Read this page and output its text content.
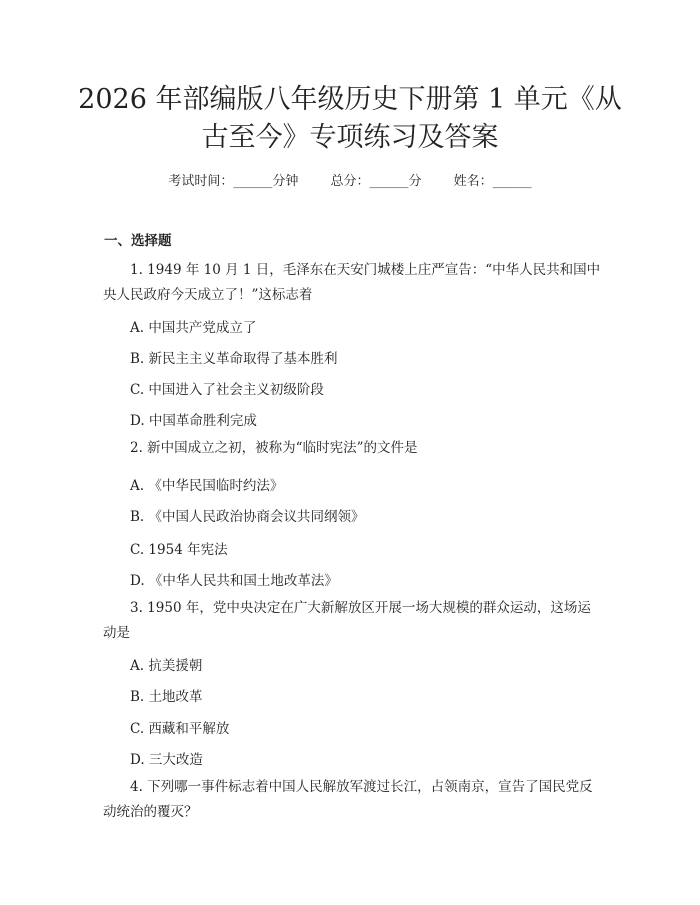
2026 年部编版八年级历史下册第 1 单元《从
古至今》专项练习及答案
考试时间：______分钟 总分：______分 姓名：______
一、选择题
1. 1949 年 10 月 1 日，毛泽东在天安门城楼上庄严宣告：“中华人民共和国中央人民政府今天成立了！”这标志着
A. 中国共产党成立了
B. 新民主主义革命取得了基本胜利
C. 中国进入了社会主义初级阶段
D. 中国革命胜利完成
2. 新中国成立之初，被称为“临时宪法”的文件是
A. 《中华民国临时约法》
B. 《中国人民政治协商会议共同纲领》
C. 1954 年宪法
D. 《中华人民共和国土地改革法》
3. 1950 年，党中央决定在广大新解放区开展一场大规模的群众运动，这场运动是
A. 抗美援朝
B. 土地改革
C. 西藏和平解放
D. 三大改造
4. 下列哪一事件标志着中国人民解放军渡过长江，占领南京，宣告了国民党反动统治的覆灭？
